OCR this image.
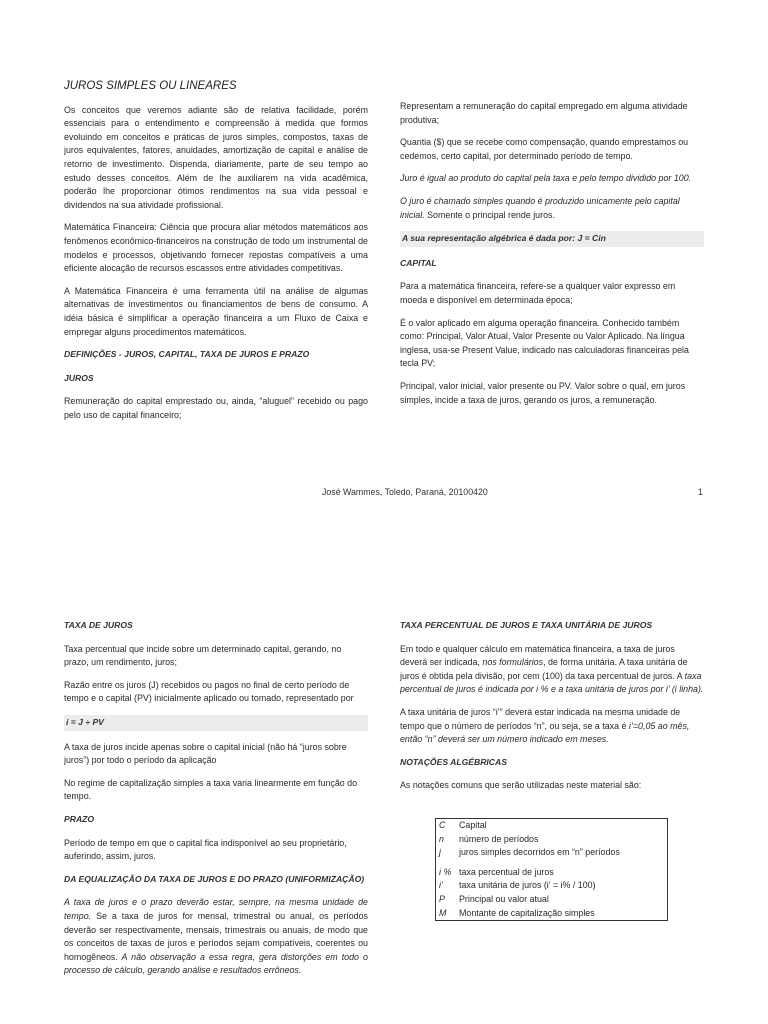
JUROS SIMPLES OU LINEARES

Os conceitos que veremos adiante são de relativa facilidade, porém essenciais para o entendimento e compreensão à medida que formos evoluindo em conceitos e práticas de juros simples, compostos, taxas de juros equivalentes, fatores, anuidades, amortização de capital e análise de retorno de investimento. Dispenda, diariamente, parte de seu tempo ao estudo desses conceitos. Além de lhe auxiliarem na vida acadêmica, poderão lhe proporcionar ótimos rendimentos na sua vida pessoal e dividendos na sua atividade profissional.

Matemática Financeira: Ciência que procura aliar métodos matemáticos aos fenômenos econômico-financeiros na construção de todo um instrumental de modelos e processos, objetivando fornecer repostas compatíveis a uma eficiente alocação de recursos escassos entre atividades competitivas.

A Matemática Financeira é uma ferramenta útil na análise de algumas alternativas de investimentos ou financiamentos de bens de consumo. A idéia básica é simplificar a operação financeira a um Fluxo de Caixa e empregar alguns procedimentos matemáticos.

DEFINIÇÕES - JUROS, CAPITAL, TAXA DE JUROS E PRAZO
JUROS

Remuneração do capital emprestado ou, ainda, “aluguel” recebido ou pago pelo uso de capital financeiro;

Representam a remuneração do capital empregado em alguma atividade produtiva;

Quantia ($) que se recebe como compensação, quando emprestamos ou cedemos, certo capital, por determinado período de tempo.

Juro é igual ao produto do capital pela taxa e pelo tempo dividido por 100.

O juro é chamado simples quando é produzido unicamente pelo capital inicial. Somente o principal rende juros.

A sua representação algébrica é dada por: J = Cin
CAPITAL

Para a matemática financeira, refere-se a qualquer valor expresso em moeda e disponível em determinada época;

É o valor aplicado em alguma operação financeira. Conhecido também como: Principal, Valor Atual, Valor Presente ou Valor Aplicado. Na língua inglesa, usa-se Present Value, indicado nas calculadoras financeiras pela tecla PV;

Principal, valor inicial, valor presente ou PV. Valor sobre o qual, em juros simples, incide a taxa de juros, gerando os juros, a remuneração.

José Wammes, Toledo, Paraná, 20100420	1
TAXA DE JUROS

Taxa percentual que incide sobre um determinado capital, gerando, no prazo, um rendimento, juros;

Razão entre os juros (J) recebidos ou pagos no final de certo período de tempo e o capital (PV) inicialmente aplicado ou tomado, representado por

i = J ÷ PV

A taxa de juros incide apenas sobre o capital inicial (não há “juros sobre juros”) por todo o período da aplicação

No regime de capitalização simples a taxa varia linearmente em função do tempo.

PRAZO

Período de tempo em que o capital fica indisponível ao seu proprietário, auferindo, assim, juros.

DA EQUALIZAÇÃO DA TAXA DE JUROS E DO PRAZO (UNIFORMIZAÇÃO)

A taxa de juros e o prazo deverão estar, sempre, na mesma unidade de tempo. Se a taxa de juros for mensal, trimestral ou anual, os períodos deverão ser respectivamente, mensais, trimestrais ou anuais, de modo que os conceitos de taxas de juros e períodos sejam compatíveis, coerentes ou homogêneos. A não observação a essa regra, gera distorções em todo o processo de cálculo, gerando análise e resultados errôneos.

TAXA PERCENTUAL DE JUROS E TAXA UNITÁRIA DE JUROS

Em todo e qualquer cálculo em matemática financeira, a taxa de juros deverá ser indicada, nos formulários, de forma unitária. A taxa unitária de juros é obtida pela divisão, por cem (100) da taxa percentual de juros. A taxa percentual de juros é indicada por i % e a taxa unitária de juros por i’ (i linha).

A taxa unitária de juros “i’” deverá estar indicada na mesma unidade de tempo que o número de períodos “n”, ou seja, se a taxa é i’=0,05 ao mês, então “n” deverá ser um número indicado em meses.

NOTAÇÕES ALGÉBRICAS

As notações comuns que serão utilizadas neste material são:

C	Capital
n	número de períodos
j	juros simples decorridos em “n” períodos

i %	taxa percentual de juros
i’	taxa unitária de juros (i’ = i% / 100)
P	Principal ou valor atual
M	Montante de capitalização simples
